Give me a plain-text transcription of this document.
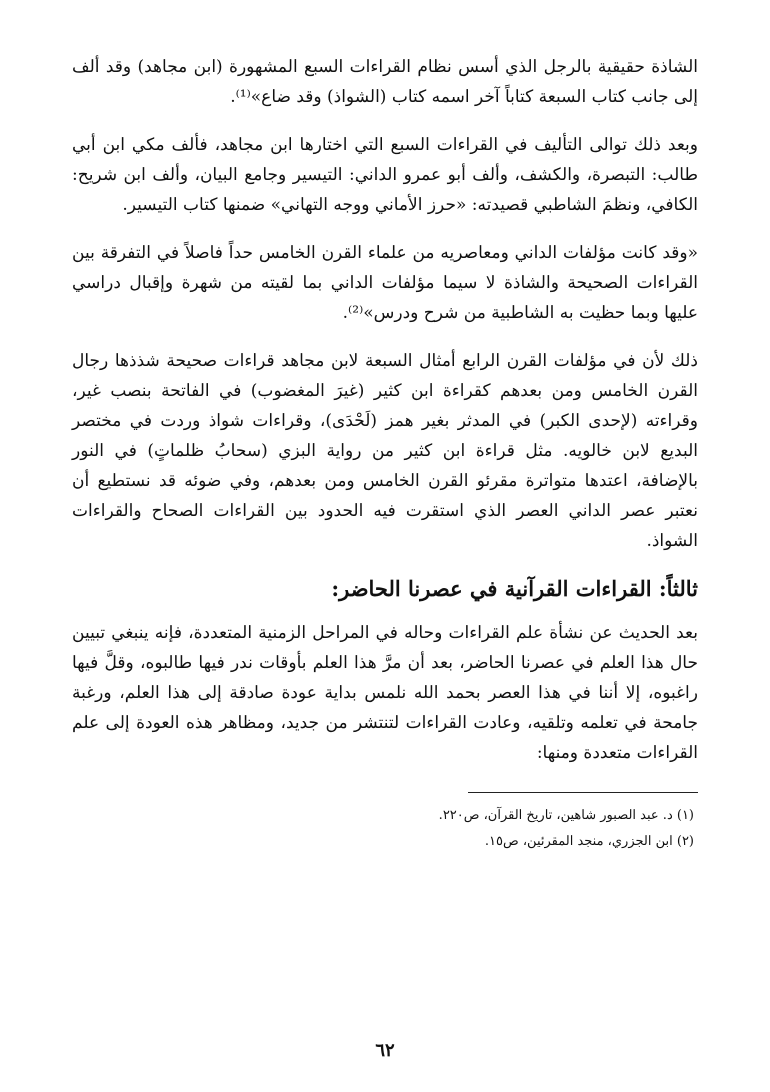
الشاذة حقيقية بالرجل الذي أسس نظام القراءات السبع المشهورة (ابن مجاهد) وقد ألف إلى جانب كتاب السبعة كتاباً آخر اسمه كتاب (الشواذ) وقد ضاع»⁽¹⁾.

وبعد ذلك توالى التأليف في القراءات السبع التي اختارها ابن مجاهد، فألف مكي ابن أبي طالب: التبصرة، والكشف، وألف أبو عمرو الداني: التيسير وجامع البيان، وألف ابن شريح: الكافي، ونظمَ الشاطبي قصيدته: «حرز الأماني ووجه التهاني» ضمنها كتاب التيسير.

«وقد كانت مؤلفات الداني ومعاصريه من علماء القرن الخامس حداً فاصلاً في التفرقة بين القراءات الصحيحة والشاذة لا سيما مؤلفات الداني بما لقيته من شهرة وإقبال دراسي عليها وبما حظيت به الشاطبية من شرح ودرس»⁽²⁾.

ذلك لأن في مؤلفات القرن الرابع أمثال السبعة لابن مجاهد قراءات صحيحة شذذها رجال القرن الخامس ومن بعدهم كقراءة ابن كثير (غيرَ المغضوب) في الفاتحة بنصب غير، وقراءته (لإحدى الكبر) في المدثر بغير همز (لَحْدَى)، وقراءات شواذ وردت في مختصر البديع لابن خالويه. مثل قراءة ابن كثير من رواية البزي (سحابُ ظلماتٍ) في النور بالإضافة، اعتدها متواترة مقرئو القرن الخامس ومن بعدهم، وفي ضوئه قد نستطيع أن نعتبر عصر الداني العصر الذي استقرت فيه الحدود بين القراءات الصحاح والقراءات الشواذ.

ثالثاً: القراءات القرآنية في عصرنا الحاضر:

بعد الحديث عن نشأة علم القراءات وحاله في المراحل الزمنية المتعددة، فإنه ينبغي تبيين حال هذا العلم في عصرنا الحاضر، بعد أن مرَّ هذا العلم بأوقات ندر فيها طالبوه، وقلَّ فيها راغبوه، إلا أننا في هذا العصر بحمد الله نلمس بداية عودة صادقة إلى هذا العلم، ورغبة جامحة في تعلمه وتلقيه، وعادت القراءات لتنتشر من جديد، ومظاهر هذه العودة إلى علم القراءات متعددة ومنها:

(١) د. عبد الصبور شاهين، تاريخ القرآن، ص٢٢٠.

(٢) ابن الجزري، منجد المقرئين، ص١٥.

٦٢
